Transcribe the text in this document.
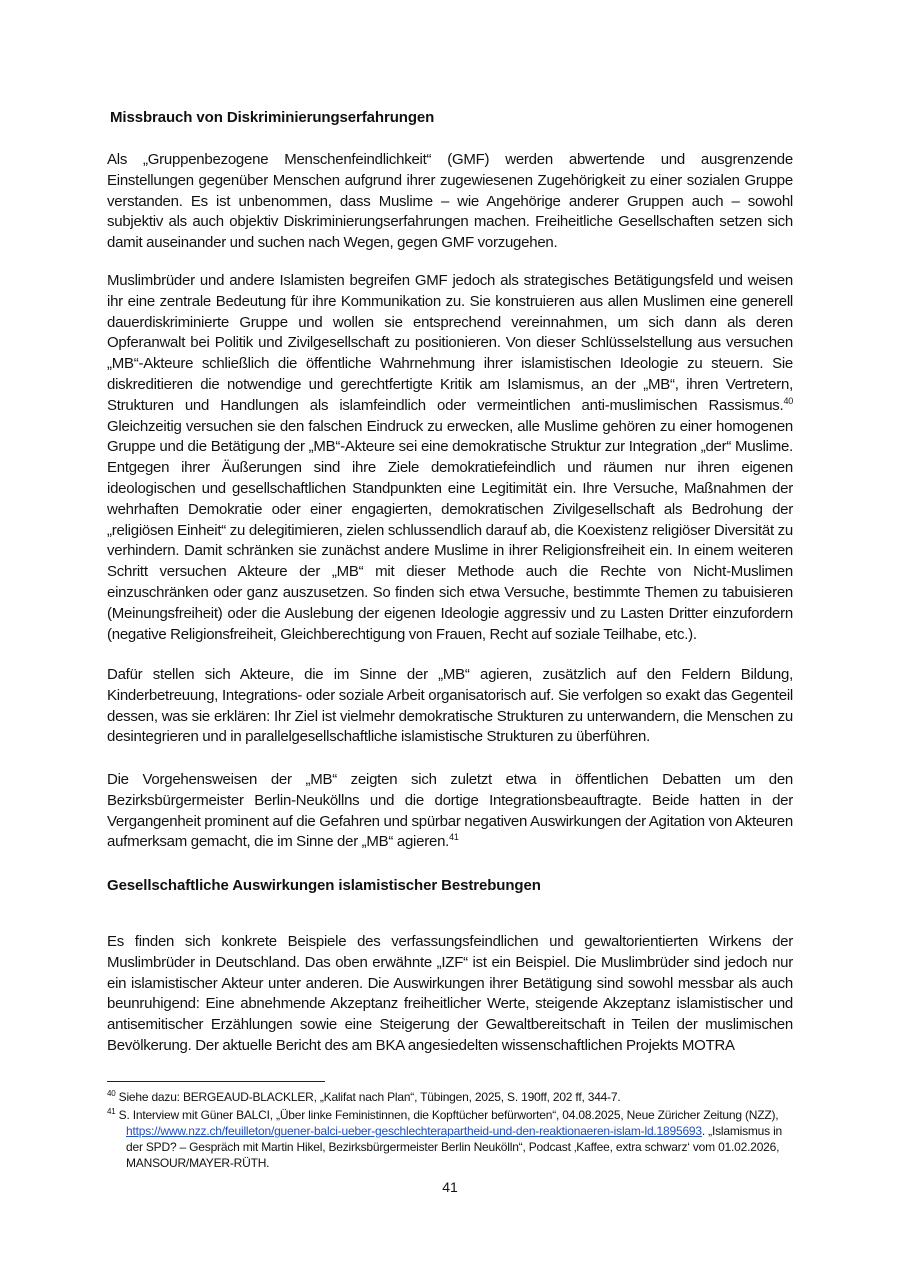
Missbrauch von Diskriminierungserfahrungen

Als „Gruppenbezogene Menschenfeindlichkeit“ (GMF) werden abwertende und ausgrenzende Einstellungen gegenüber Menschen aufgrund ihrer zugewiesenen Zugehörigkeit zu einer sozialen Gruppe verstanden. Es ist unbenommen, dass Muslime – wie Angehörige anderer Gruppen auch – sowohl subjektiv als auch objektiv Diskriminierungserfahrungen machen. Freiheitliche Gesellschaften setzen sich damit auseinander und suchen nach Wegen, gegen GMF vorzugehen.

Muslimbrüder und andere Islamisten begreifen GMF jedoch als strategisches Betätigungsfeld und weisen ihr eine zentrale Bedeutung für ihre Kommunikation zu. Sie konstruieren aus allen Muslimen eine generell dauerdiskriminierte Gruppe und wollen sie entsprechend vereinnahmen, um sich dann als deren Opferanwalt bei Politik und Zivilgesellschaft zu positionieren. Von dieser Schlüsselstellung aus versuchen „MB“-Akteure schließlich die öffentliche Wahrnehmung ihrer islamistischen Ideologie zu steuern. Sie diskreditieren die notwendige und gerechtfertigte Kritik am Islamismus, an der „MB“, ihren Vertretern, Strukturen und Handlungen als islamfeindlich oder vermeintlichen anti-muslimischen Rassismus.$^{40}$ Gleichzeitig versuchen sie den falschen Eindruck zu erwecken, alle Muslime gehören zu einer homogenen Gruppe und die Betätigung der „MB“-Akteure sei eine demokratische Struktur zur Integration „der“ Muslime. Entgegen ihrer Äußerungen sind ihre Ziele demokratiefeindlich und räumen nur ihren eigenen ideologischen und gesellschaftlichen Standpunkten eine Legitimität ein. Ihre Versuche, Maßnahmen der wehrhaften Demokratie oder einer engagierten, demokratischen Zivilgesellschaft als Bedrohung der „religiösen Einheit“ zu delegitimieren, zielen schlussendlich darauf ab, die Koexistenz religiöser Diversität zu verhindern. Damit schränken sie zunächst andere Muslime in ihrer Religionsfreiheit ein. In einem weiteren Schritt versuchen Akteure der „MB“ mit dieser Methode auch die Rechte von Nicht-Muslimen einzuschränken oder ganz auszusetzen. So finden sich etwa Versuche, bestimmte Themen zu tabuisieren (Meinungsfreiheit) oder die Auslebung der eigenen Ideologie aggressiv und zu Lasten Dritter einzufordern (negative Religionsfreiheit, Gleichberechtigung von Frauen, Recht auf soziale Teilhabe, etc.).

Dafür stellen sich Akteure, die im Sinne der „MB“ agieren, zusätzlich auf den Feldern Bildung, Kinderbetreuung, Integrations- oder soziale Arbeit organisatorisch auf. Sie verfolgen so exakt das Gegenteil dessen, was sie erklären: Ihr Ziel ist vielmehr demokratische Strukturen zu unterwandern, die Menschen zu desintegrieren und in parallelgesellschaftliche islamistische Strukturen zu überführen.

Die Vorgehensweisen der „MB“ zeigten sich zuletzt etwa in öffentlichen Debatten um den Bezirksbürgermeister Berlin-Neuköllns und die dortige Integrationsbeauftragte. Beide hatten in der Vergangenheit prominent auf die Gefahren und spürbar negativen Auswirkungen der Agitation von Akteuren aufmerksam gemacht, die im Sinne der „MB“ agieren.$^{41}$

Gesellschaftliche Auswirkungen islamistischer Bestrebungen

Es finden sich konkrete Beispiele des verfassungsfeindlichen und gewaltorientierten Wirkens der Muslimbrüder in Deutschland. Das oben erwähnte „IZF“ ist ein Beispiel. Die Muslimbrüder sind jedoch nur ein islamistischer Akteur unter anderen. Die Auswirkungen ihrer Betätigung sind sowohl messbar als auch beunruhigend: Eine abnehmende Akzeptanz freiheitlicher Werte, steigende Akzeptanz islamistischer und antisemitischer Erzählungen sowie eine Steigerung der Gewaltbereitschaft in Teilen der muslimischen Bevölkerung. Der aktuelle Bericht des am BKA angesiedelten wissenschaftlichen Projekts MOTRA

$^{40}$ Siehe dazu: BERGEAUD-BLACKLER, „Kalifat nach Plan“, Tübingen, 2025, S. 190ff, 202 ff, 344-7.

$^{41}$ S. Interview mit Güner BALCI, „Über linke Feministinnen, die Kopftücher befürworten“, 04.08.2025, Neue Züricher Zeitung (NZZ), https://www.nzz.ch/feuilleton/guener-balci-ueber-geschlechterapartheid-und-den-reaktionaeren-islam-ld.1895693. „Islamismus in der SPD? – Gespräch mit Martin Hikel, Bezirksbürgermeister Berlin Neukölln“, Podcast ‚Kaffee, extra schwarz‘ vom 01.02.2026, MANSOUR/MAYER-RÜTH.

41
